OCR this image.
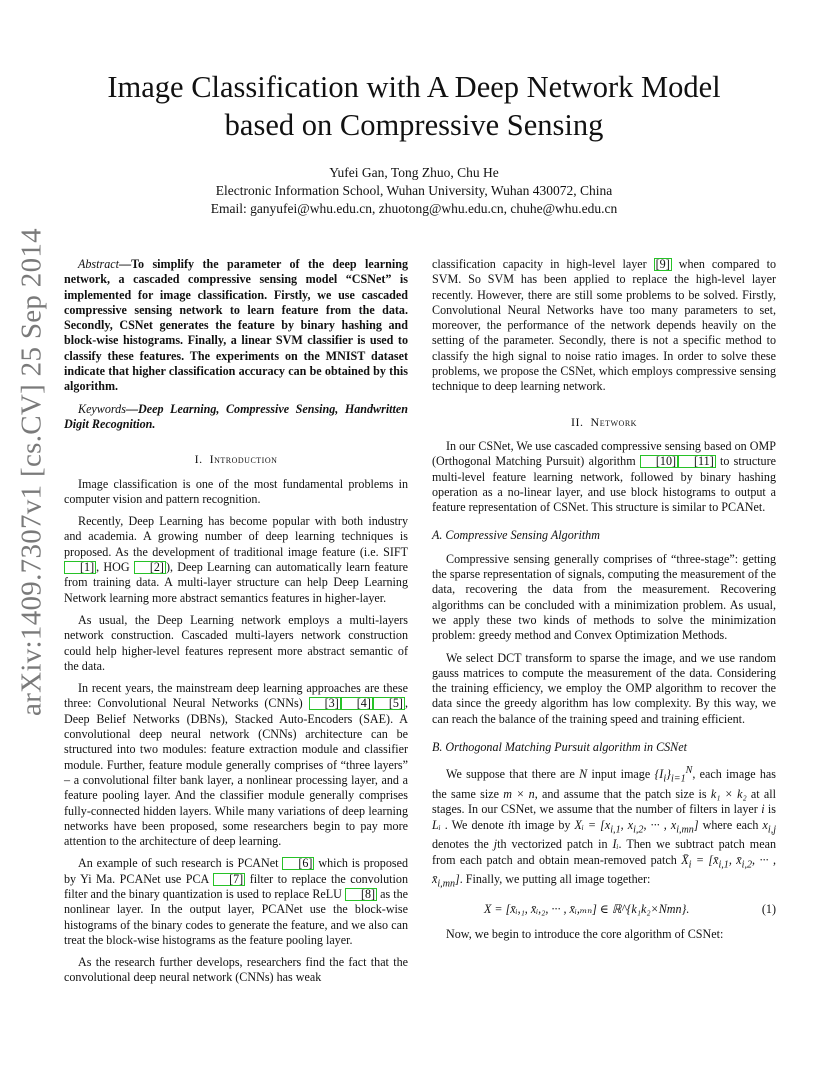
arXiv:1409.7307v1 [cs.CV] 25 Sep 2014
Image Classification with A Deep Network Model
based on Compressive Sensing
Yufei Gan, Tong Zhuo, Chu He
Electronic Information School, Wuhan University, Wuhan 430072, China
Email: ganyufei@whu.edu.cn, zhuotong@whu.edu.cn, chuhe@whu.edu.cn

Abstract—To simplify the parameter of the deep learning network, a cascaded compressive sensing model “CSNet” is implemented for image classification. Firstly, we use cascaded compressive sensing network to learn feature from the data. Secondly, CSNet generates the feature by binary hashing and block-wise histograms. Finally, a linear SVM classifier is used to classify these features. The experiments on the MNIST dataset indicate that higher classification accuracy can be obtained by this algorithm.

Keywords—Deep Learning, Compressive Sensing, Handwritten Digit Recognition.

I. Introduction

Image classification is one of the most fundamental problems in computer vision and pattern recognition.

Recently, Deep Learning has become popular with both industry and academia. A growing number of deep learning techniques is proposed. As the development of traditional image feature (i.e. SIFT [1] , HOG [2] ), Deep Learning can automatically learn feature from training data. A multi-layer structure can help Deep Learning Network learning more abstract semantics features in higher-layer.

As usual, the Deep Learning network employs a multi-layers network construction. Cascaded multi-layers network construction could help higher-level features represent more abstract semantic of the data.

In recent years, the mainstream deep learning approaches are these three: Convolutional Neural Networks (CNNs) [3] [4] [5] , Deep Belief Networks (DBNs), Stacked Auto-Encoders (SAE). A convolutional deep neural network (CNNs) architecture can be structured into two modules: feature extraction module and classifier module. Further, feature module generally comprises of “three layers” – a convolutional filter bank layer, a nonlinear processing layer, and a feature pooling layer. And the classifier module generally comprises fully-connected hidden layers. While many variations of deep learning networks have been proposed, some researchers begin to pay more attention to the architecture of deep learning.

An example of such research is PCANet [6] which is proposed by Yi Ma. PCANet use PCA [7] filter to replace the convolution filter and the binary quantization is used to replace ReLU [8] as the nonlinear layer. In the output layer, PCANet use the block-wise histograms of the binary codes to generate the feature, and we also can treat the block-wise histograms as the feature pooling layer.

As the research further develops, researchers find the fact that the convolutional deep neural network (CNNs) has weak

classification capacity in high-level layer [9] when compared to SVM. So SVM has been applied to replace the high-level layer recently. However, there are still some problems to be solved. Firstly, Convolutional Neural Networks have too many parameters to set, moreover, the performance of the network depends heavily on the setting of the parameter. Secondly, there is not a specific method to classify the high signal to noise ratio images. In order to solve these problems, we propose the CSNet, which employs compressive sensing technique to deep learning network.

II. Network

In our CSNet, We use cascaded compressive sensing based on OMP (Orthogonal Matching Pursuit) algorithm [10] [11] to structure multi-level feature learning network, followed by binary hashing operation as a no-linear layer, and use block histograms to output a feature representation of CSNet. This structure is similar to PCANet.

A. Compressive Sensing Algorithm

Compressive sensing generally comprises of “three-stage”: getting the sparse representation of signals, computing the measurement of the data, recovering the data from the measurement. Recovering algorithms can be concluded with a minimization problem. As usual, we apply these two kinds of methods to solve the minimization problem: greedy method and Convex Optimization Methods.

We select DCT transform to sparse the image, and we use random gauss matrices to compute the measurement of the data. Considering the training efficiency, we employ the OMP algorithm to recover the data since the greedy algorithm has low complexity. By this way, we can reach the balance of the training speed and training efficient.

B. Orthogonal Matching Pursuit algorithm in CSNet

We suppose that there are N input image $\{I_i\}_{i=1}^N$, each image has the same size m × n, and assume that the patch size is k₁ × k₂ at all stages. In our CSNet, we assume that the number of filters in layer i is Lᵢ . We denote ith image by Xᵢ = [$x_{i,1}$, $x_{i,2}$, ··· , $x_{i,mn}$] where each $x_{i,j}$ denotes the jth vectorized patch in Iᵢ. Then we subtract patch mean from each patch and obtain mean-removed patch $X̄_i$ = [$x̄_{i,1}$, $x̄_{i,2}$, ··· , $x̄_{i,mn}$]. Finally, we putting all image together:

X = [x̄ᵢ,₁, x̄ᵢ,₂, ··· , x̄ᵢ,ₘₙ] ∈ ℝ^{k₁k₂×Nmn}.	(1)

Now, we begin to introduce the core algorithm of CSNet:
